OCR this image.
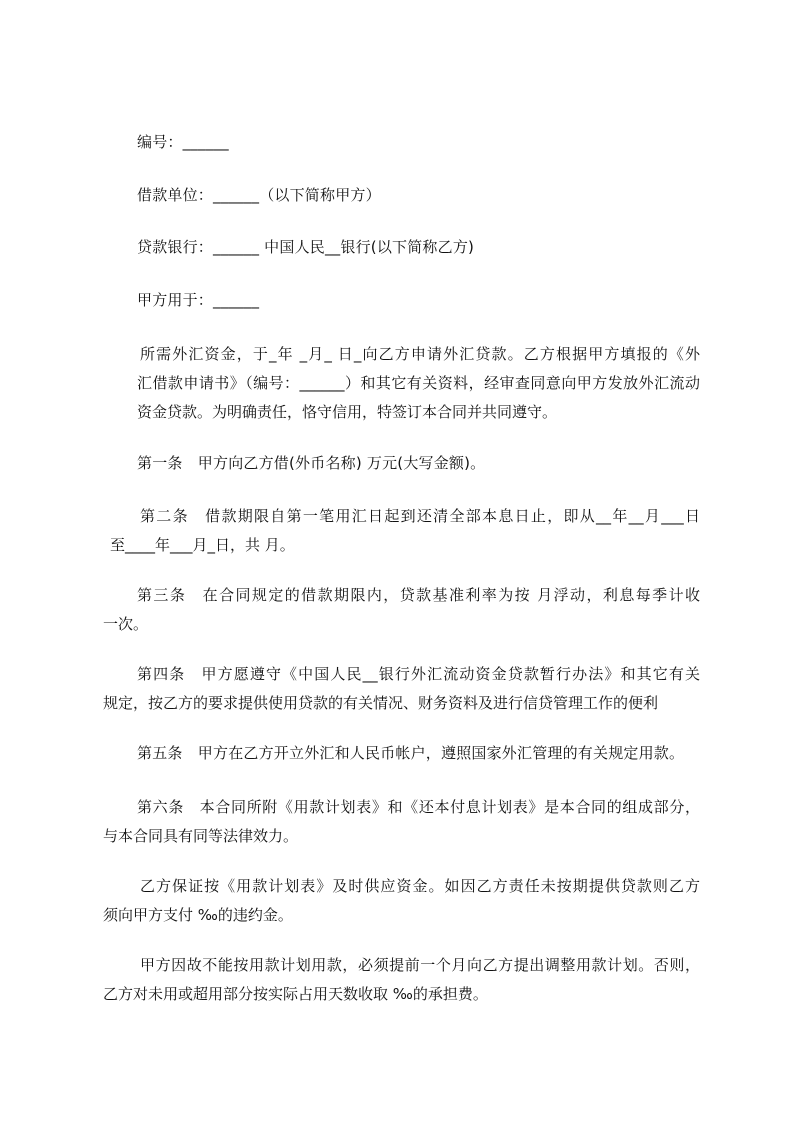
编号：______
借款单位：______（以下简称甲方）
贷款银行：______ 中国人民__银行(以下简称乙方)
甲方用于：______
所需外汇资金，于_年 _月_ 日_向乙方申请外汇贷款。乙方根据甲方填报的《外
汇借款申请书》（编号：______）和其它有关资料，经审查同意向甲方发放外汇流动
资金贷款。为明确责任，恪守信用，特签订本合同并共同遵守。
第一条　甲方向乙方借(外币名称) 万元(大写金额)。
第二条　借款期限自第一笔用汇日起到还清全部本息日止，即从__年__月___日
至____年___月_日，共 月。
第三条　在合同规定的借款期限内，贷款基准利率为按 月浮动，利息每季计收
一次。
第四条　甲方愿遵守《中国人民__银行外汇流动资金贷款暂行办法》和其它有关
规定，按乙方的要求提供使用贷款的有关情况、财务资料及进行信贷管理工作的便利
第五条　甲方在乙方开立外汇和人民币帐户，遵照国家外汇管理的有关规定用款。
第六条　本合同所附《用款计划表》和《还本付息计划表》是本合同的组成部分，
与本合同具有同等法律效力。
乙方保证按《用款计划表》及时供应资金。如因乙方责任未按期提供贷款则乙方
须向甲方支付 ‰的违约金。
甲方因故不能按用款计划用款，必须提前一个月向乙方提出调整用款计划。否则，
乙方对未用或超用部分按实际占用天数收取 ‰的承担费。
